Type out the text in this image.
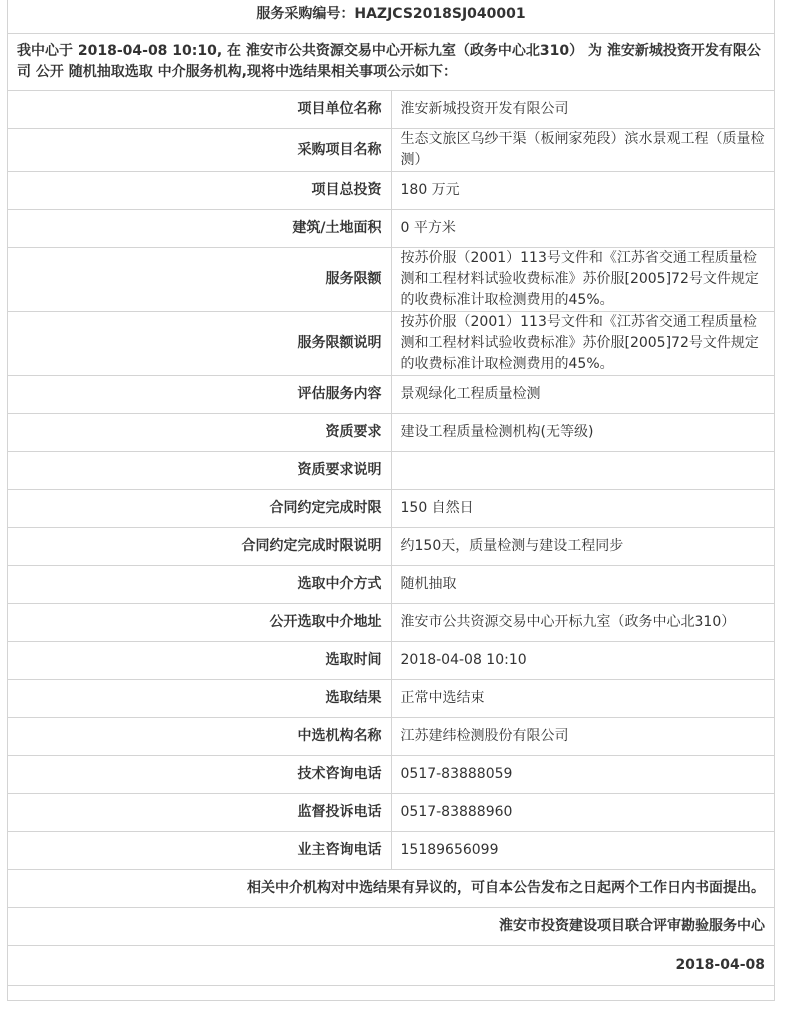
服务采购编号：HAZJCS2018SJ040001	
我中心于 2018-04-08 10:10, 在 淮安市公共资源交易中心开标九室（政务中心北310） 为 淮安新城投资开发有限公司 公开 随机抽取选取 中介服务机构,现将中选结果相关事项公示如下：	
项目单位名称	淮安新城投资开发有限公司
采购项目名称	生态文旅区乌纱干渠（板闸家苑段）滨水景观工程（质量检测）
项目总投资	180 万元
建筑/土地面积	0 平方米
服务限额	按苏价服（2001）113号文件和《江苏省交通工程质量检测和工程材料试验收费标准》苏价服[2005]72号文件规定的收费标准计取检测费用的45%。
服务限额说明	按苏价服（2001）113号文件和《江苏省交通工程质量检测和工程材料试验收费标准》苏价服[2005]72号文件规定的收费标准计取检测费用的45%。
评估服务内容	景观绿化工程质量检测
资质要求	建设工程质量检测机构(无等级)
资质要求说明	
合同约定完成时限	150 自然日
合同约定完成时限说明	约150天，质量检测与建设工程同步
选取中介方式	随机抽取
公开选取中介地址	淮安市公共资源交易中心开标九室（政务中心北310）
选取时间	2018-04-08 10:10
选取结果	正常中选结束
中选机构名称	江苏建纬检测股份有限公司
技术咨询电话	0517-83888059
监督投诉电话	0517-83888960
业主咨询电话	15189656099
相关中介机构对中选结果有异议的，可自本公告发布之日起两个工作日内书面提出。	
淮安市投资建设项目联合评审勘验服务中心	
2018-04-08	
